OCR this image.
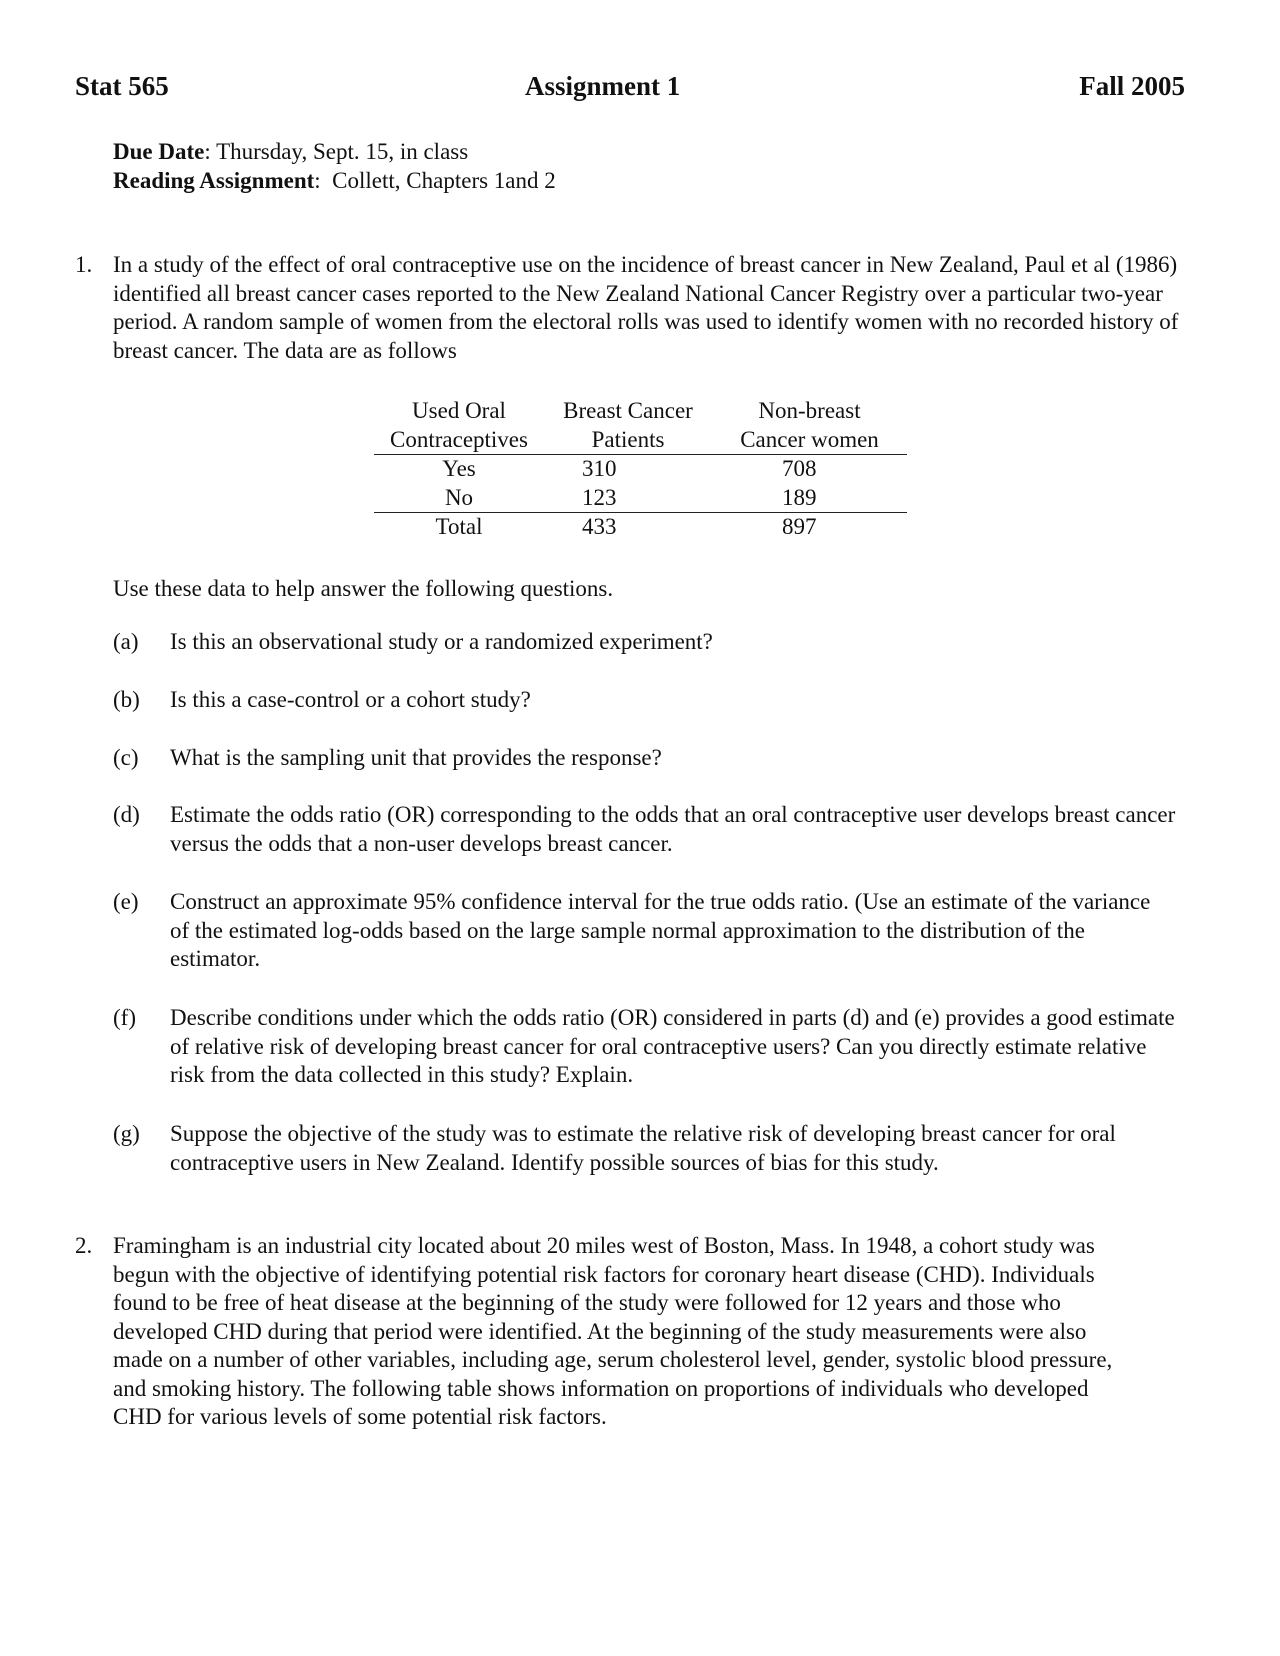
Stat 565	Assignment 1	Fall 2005
Due Date: Thursday, Sept. 15, in class
Reading Assignment:  Collett, Chapters 1and 2
1. In a study of the effect of oral contraceptive use on the incidence of breast cancer in New Zealand, Paul et al (1986) identified all breast cancer cases reported to the New Zealand National Cancer Registry over a particular two-year period. A random sample of women from the electoral rolls was used to identify women with no recorded history of breast cancer. The data are as follows
Used Oral	Breast Cancer	Non-breast
Contraceptives	Patients	Cancer women
Yes	310	708
No	123	189
Total	433	897
Use these data to help answer the following questions.
(a) Is this an observational study or a randomized experiment?
(b) Is this a case-control or a cohort study?
(c) What is the sampling unit that provides the response?
(d) Estimate the odds ratio (OR) corresponding to the odds that an oral contraceptive user develops breast cancer versus the odds that a non-user develops breast cancer.
(e) Construct an approximate 95% confidence interval for the true odds ratio. (Use an estimate of the variance of the estimated log-odds based on the large sample normal approximation to the distribution of the estimator.
(f) Describe conditions under which the odds ratio (OR) considered in parts (d) and (e) provides a good estimate of relative risk of developing breast cancer for oral contraceptive users? Can you directly estimate relative risk from the data collected in this study? Explain.
(g) Suppose the objective of the study was to estimate the relative risk of developing breast cancer for oral contraceptive users in New Zealand. Identify possible sources of bias for this study.
2. Framingham is an industrial city located about 20 miles west of Boston, Mass. In 1948, a cohort study was begun with the objective of identifying potential risk factors for coronary heart disease (CHD). Individuals found to be free of heat disease at the beginning of the study were followed for 12 years and those who developed CHD during that period were identified. At the beginning of the study measurements were also made on a number of other variables, including age, serum cholesterol level, gender, systolic blood pressure, and smoking history. The following table shows information on proportions of individuals who developed CHD for various levels of some potential risk factors.
